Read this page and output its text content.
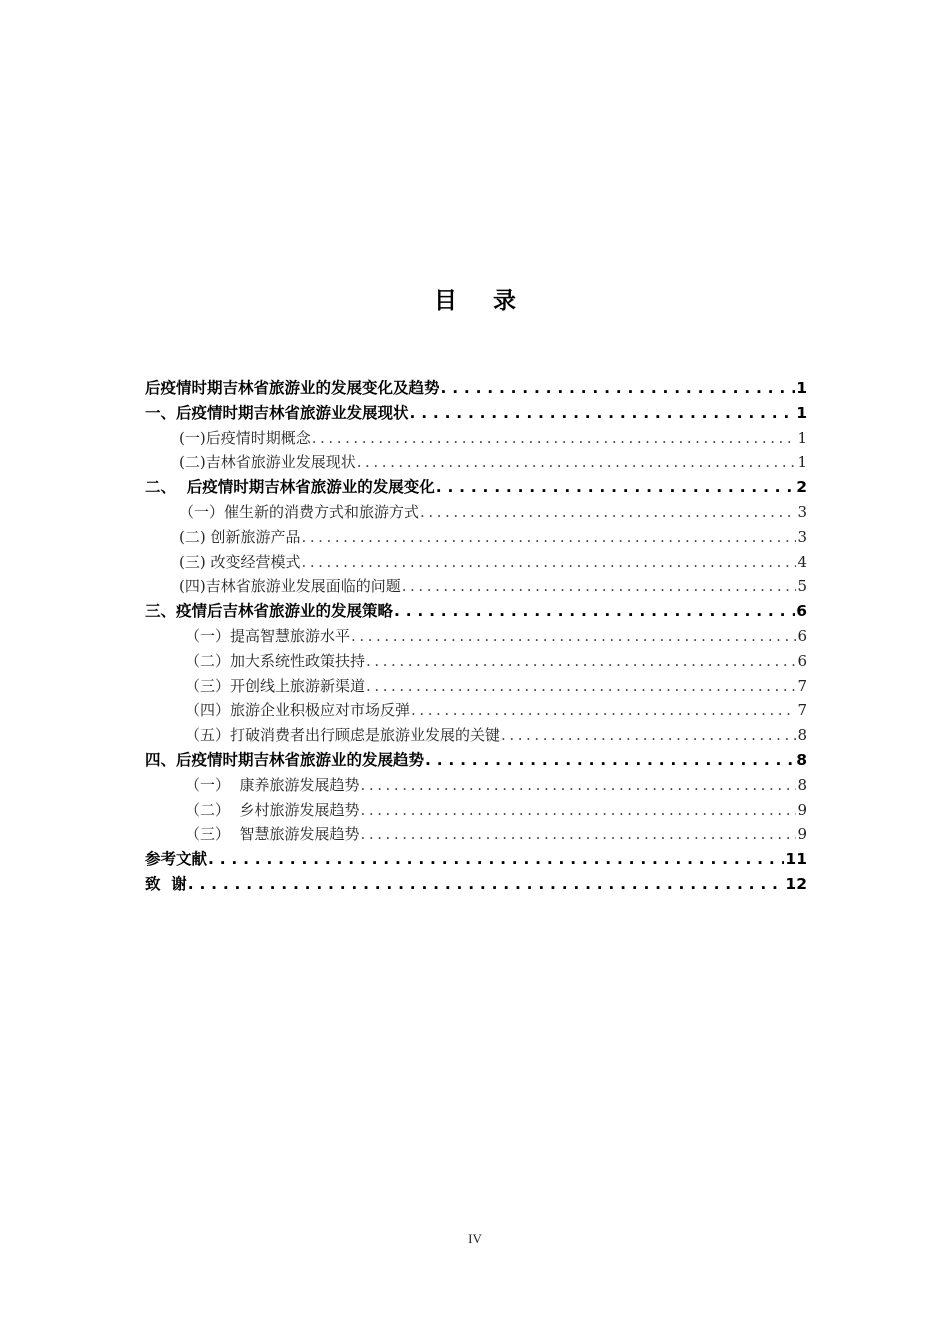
目 录
后疫情时期吉林省旅游业的发展变化及趋势 . . .	1
一、后疫情时期吉林省旅游业发展现状 . . .	1
(一)后疫情时期概念 . . .	1
(二)吉林省旅游业发展现状 . . .	1
二、  后疫情时期吉林省旅游业的发展变化 . . .	2
（一）催生新的消费方式和旅游方式 . . .	3
(二) 创新旅游产品 . . .	3
(三) 改变经营模式 . . .	4
(四)吉林省旅游业发展面临的问题 . . .	5
三、疫情后吉林省旅游业的发展策略 . . .	6
（一）提高智慧旅游水平 . . .	6
（二）加大系统性政策扶持 . . .	6
（三）开创线上旅游新渠道 . . .	7
（四）旅游企业积极应对市场反弹 . . .	7
（五）打破消费者出行顾虑是旅游业发展的关键 . . .	8
四、后疫情时期吉林省旅游业的发展趋势 . . .	8
（一）  康养旅游发展趋势 . . .	8
（二）  乡村旅游发展趋势 . . .	9
（三）  智慧旅游发展趋势 . . .	9
参考文献 . . .	11
致  谢 . . .	12
IV
